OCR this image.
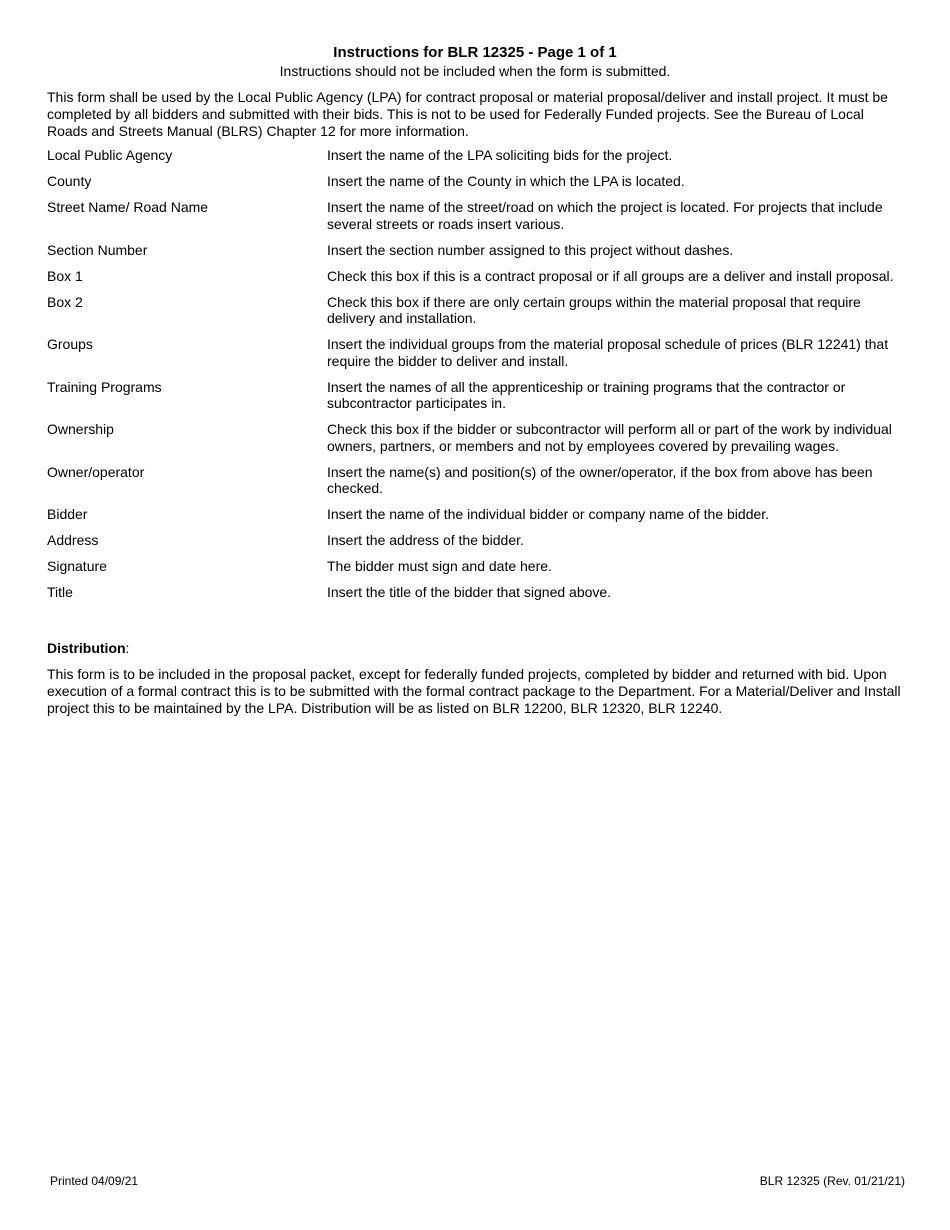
Instructions for BLR 12325 - Page 1 of 1
Instructions should not be included when the form is submitted.

This form shall be used by the Local Public Agency (LPA) for contract proposal or material proposal/deliver and install project. It must be completed by all bidders and submitted with their bids. This is not to be used for Federally Funded projects. See the Bureau of Local Roads and Streets Manual (BLRS) Chapter 12 for more information.

Local Public Agency	Insert the name of the LPA soliciting bids for the project.
County	Insert the name of the County in which the LPA is located.
Street Name/ Road Name	Insert the name of the street/road on which the project is located. For projects that include several streets or roads insert various.
Section Number	Insert the section number assigned to this project without dashes.
Box 1	Check this box if this is a contract proposal or if all groups are a deliver and install proposal.
Box 2	Check this box if there are only certain groups within the material proposal that require delivery and installation.
Groups	Insert the individual groups from the material proposal schedule of prices (BLR 12241) that require the bidder to deliver and install.
Training Programs	Insert the names of all the apprenticeship or training programs that the contractor or subcontractor participates in.
Ownership	Check this box if the bidder or subcontractor will perform all or part of the work by individual owners, partners, or members and not by employees covered by prevailing wages.
Owner/operator	Insert the name(s) and position(s) of the owner/operator, if the box from above has been checked.
Bidder	Insert the name of the individual bidder or company name of the bidder.
Address	Insert the address of the bidder.
Signature	The bidder must sign and date here.
Title	Insert the title of the bidder that signed above.
Distribution:

This form is to be included in the proposal packet, except for federally funded projects, completed by bidder and returned with bid. Upon execution of a formal contract this is to be submitted with the formal contract package to the Department. For a Material/Deliver and Install project this to be maintained by the LPA. Distribution will be as listed on BLR 12200, BLR 12320, BLR 12240.

Printed 04/09/21	BLR 12325 (Rev. 01/21/21)
